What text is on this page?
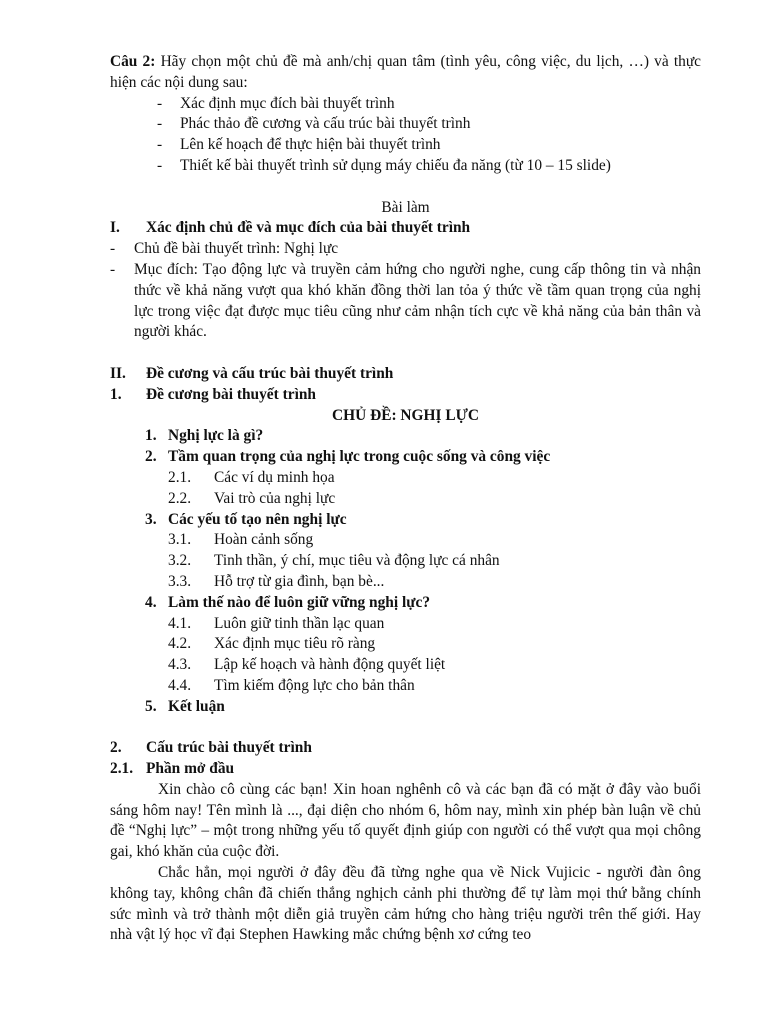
Câu 2: Hãy chọn một chủ đề mà anh/chị quan tâm (tình yêu, công việc, du lịch, …) và thực hiện các nội dung sau:

- Xác định mục đích bài thuyết trình
- Phác thảo đề cương và cấu trúc bài thuyết trình
- Lên kế hoạch để thực hiện bài thuyết trình
- Thiết kế bài thuyết trình sử dụng máy chiếu đa năng (từ 10 – 15 slide)

Bài làm

I.	Xác định chủ đề và mục đích của bài thuyết trình
- Chủ đề bài thuyết trình: Nghị lực
- Mục đích: Tạo động lực và truyền cảm hứng cho người nghe, cung cấp thông tin và nhận thức về khả năng vượt qua khó khăn đồng thời lan tỏa ý thức về tầm quan trọng của nghị lực trong việc đạt được mục tiêu cũng như cảm nhận tích cực về khả năng của bản thân và người khác.
II.	Đề cương và cấu trúc bài thuyết trình
1.	Đề cương bài thuyết trình

CHỦ ĐỀ: NGHỊ LỰC

1. Nghị lực là gì?
2. Tầm quan trọng của nghị lực trong cuộc sống và công việc
2.1.	Các ví dụ minh họa
2.2.	Vai trò của nghị lực
3. Các yếu tố tạo nên nghị lực
3.1.	Hoàn cảnh sống
3.2.	Tinh thần, ý chí, mục tiêu và động lực cá nhân
3.3.	Hỗ trợ từ gia đình, bạn bè...
4. Làm thế nào để luôn giữ vững nghị lực?
4.1.	Luôn giữ tinh thần lạc quan
4.2.	Xác định mục tiêu rõ ràng
4.3.	Lập kế hoạch và hành động quyết liệt
4.4.	Tìm kiếm động lực cho bản thân
5. Kết luận
2.	Cấu trúc bài thuyết trình
2.1. Phần mở đầu

Xin chào cô cùng các bạn! Xin hoan nghênh cô và các bạn đã có mặt ở đây vào buổi sáng hôm nay! Tên mình là ..., đại diện cho nhóm 6, hôm nay, mình xin phép bàn luận về chủ đề “Nghị lực” – một trong những yếu tố quyết định giúp con người có thể vượt qua mọi chông gai, khó khăn của cuộc đời.

Chắc hẳn, mọi người ở đây đều đã từng nghe qua về Nick Vujicic - người đàn ông không tay, không chân đã chiến thắng nghịch cảnh phi thường để tự làm mọi thứ bằng chính sức mình và trở thành một diễn giả truyền cảm hứng cho hàng triệu người trên thế giới. Hay nhà vật lý học vĩ đại Stephen Hawking mắc chứng bệnh xơ cứng teo
